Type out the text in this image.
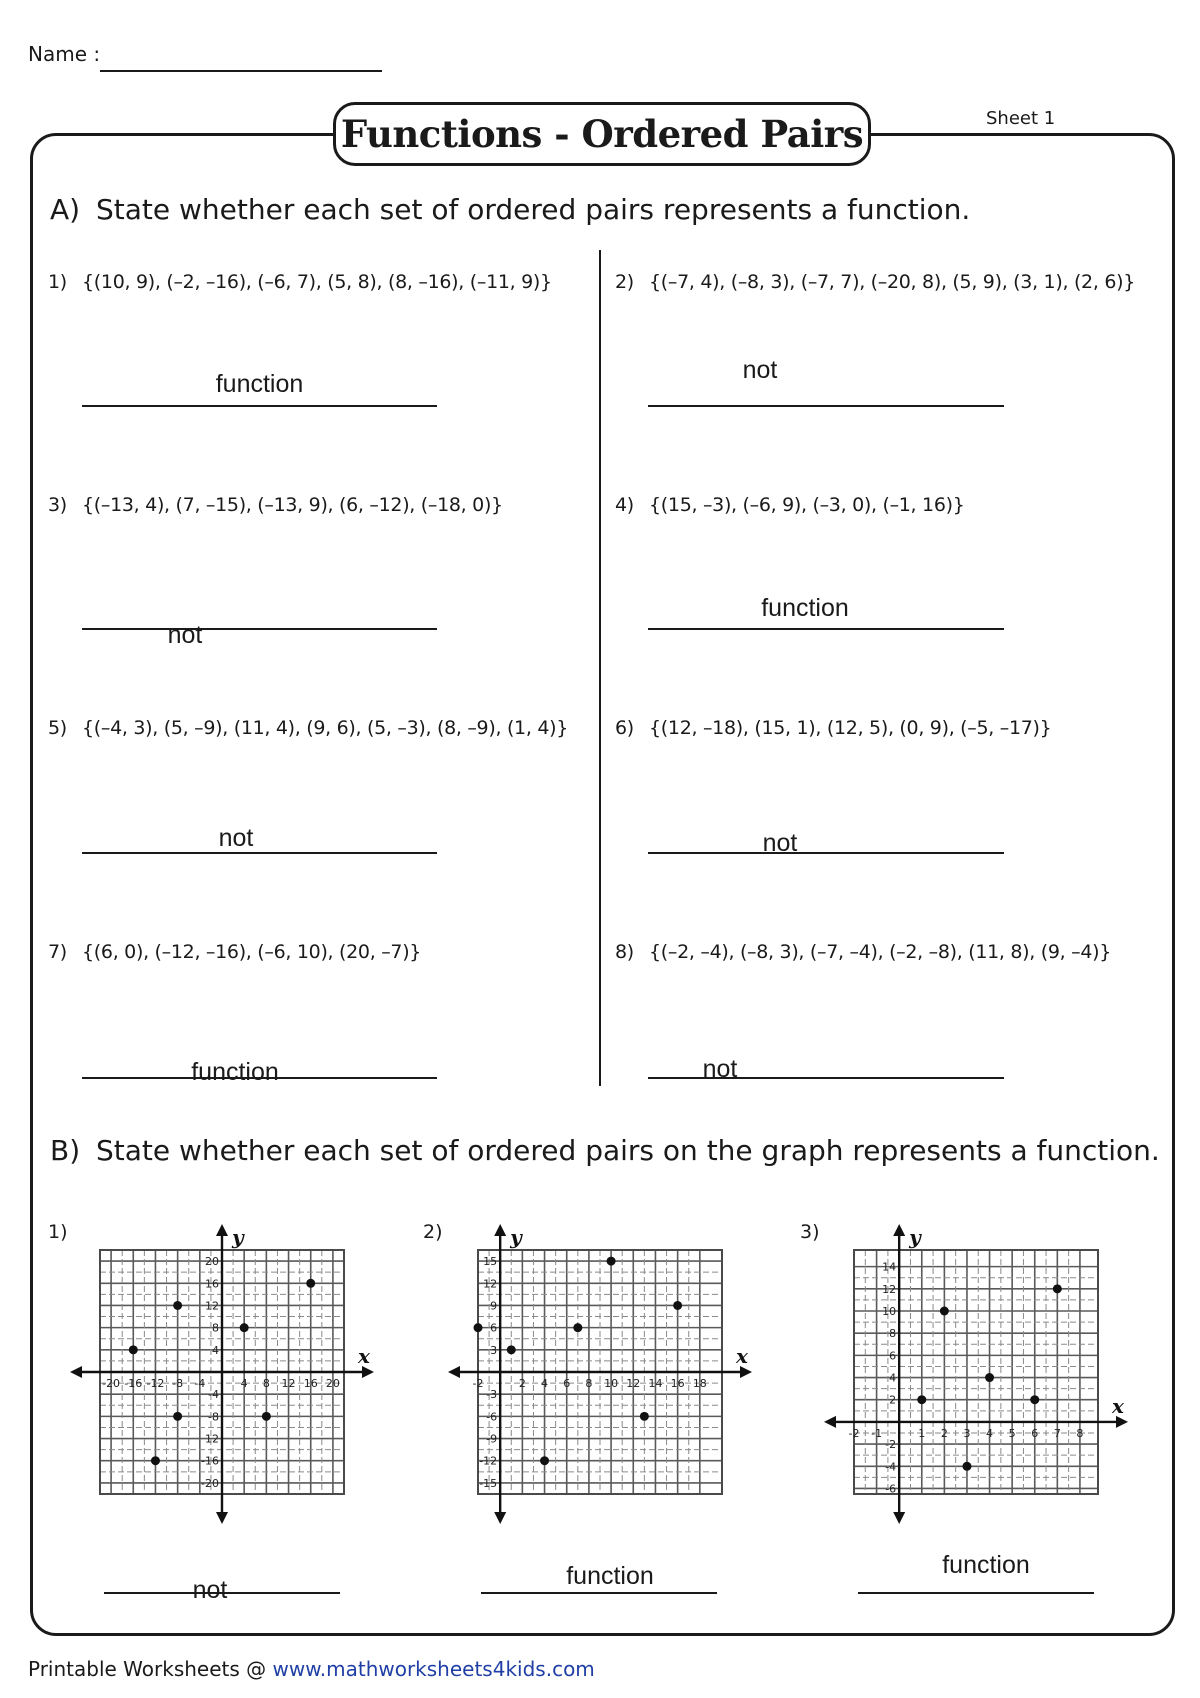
Name :
Functions - Ordered Pairs	Sheet 1
A) State whether each set of ordered pairs represents a function.
1) {(10, 9), (–2, –16), (–6, 7), (5, 8), (8, –16), (–11, 9)}
function
2) {(–7, 4), (–8, 3), (–7, 7), (–20, 8), (5, 9), (3, 1), (2, 6)}
not
3) {(–13, 4), (7, –15), (–13, 9), (6, –12), (–18, 0)}
not
4) {(15, –3), (–6, 9), (–3, 0), (–1, 16)}
function
5) {(–4, 3), (5, –9), (11, 4), (9, 6), (5, –3), (8, –9), (1, 4)}
not
6) {(12, –18), (15, 1), (12, 5), (0, 9), (–5, –17)}
not
7) {(6, 0), (–12, –16), (–6, 10), (20, –7)}
function
8) {(–2, –4), (–8, 3), (–7, –4), (–2, –8), (11, 8), (9, –4)}
not
B) State whether each set of ordered pairs on the graph represents a function.
1)	2)	3)
x
y
-20 -16 -12 -8 -4	4 8 12 16 20
20
16
12
8
4
-4
-8
12
-16
-20
x
y
-2	2 4 6 8 10 12 14 16 18
15
12
9
6
3
-3
-6
-9
-12
-15
x
y
-2 -1	1 2 3 4 5 6 7 8
14
12
10
8
6
4
2
-2
-4
-6
not	function	function
Printable Worksheets @ www.mathworksheets4kids.com
